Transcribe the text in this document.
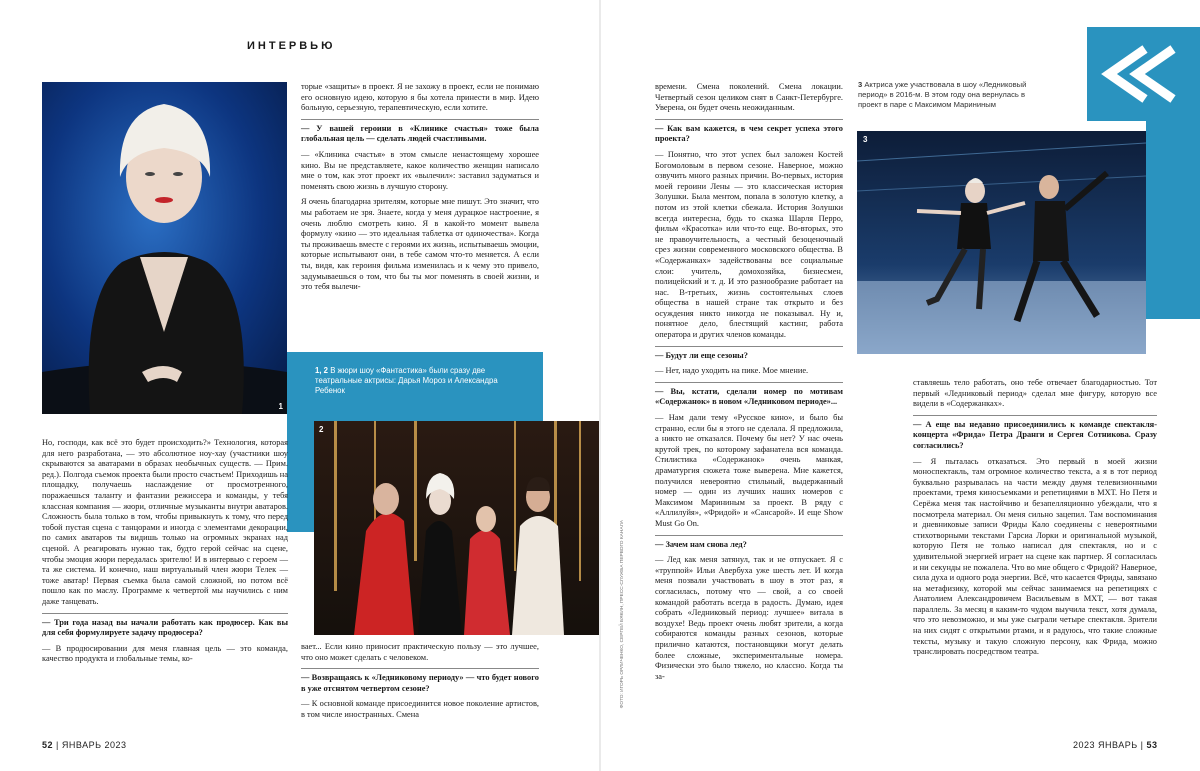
ИНТЕРВЬЮ
1

торые «защиты» в проект. Я не захожу в проект, если не понимаю его основную идею, которую я бы хотела принести в мир. Идею больную, серьезную, терапевтическую, если хотите.

— У вашей героини в «Клинике счастья» тоже была глобальная цель — сделать людей счастливыми.

— «Клиника счастья» в этом смысле ненастоящему хорошее кино. Вы не представляете, какое количество женщин написало мне о том, как этот проект их «вылечил»: заставил задуматься и поменять свою жизнь в лучшую сторону.

Я очень благодарна зрителям, которые мне пишут. Это значит, что мы работаем не зря. Знаете, когда у меня дурацкое настроение, я очень люблю смотреть кино. Я в какой-то момент вывела формулу «кино — это идеальная таблетка от одиночества». Когда ты проживаешь вместе с героями их жизнь, испытываешь эмоции, которые испытывают они, в тебе самом что-то меняется. А если ты, видя, как героиня фильма изменилась и к чему это привело, задумываешься о том, что бы ты мог поменять в своей жизни, и это тебя вылечи-

1, 2 В жюри шоу «Фантастика» были сразу две театральные актрисы: Дарья Мороз и Александра Ребенок
2

Но, господи, как всё это будет происходить?» Технология, которая для него разработана, — это абсолютное ноу-хау (участники шоу скрываются за аватарами в образах необычных существ. — Прим. ред.). Полгода съемок проекта были просто счастьем! Приходишь на площадку, получаешь наслаждение от просмотренного, поражаешься таланту и фантазии режиссера и команды, у тебя классная компания — жюри, отличные музыканты внутри аватаров. Сложность была только в том, чтобы привыкнуть к тому, что перед тобой пустая сцена с танцорами и иногда с элементами декорации, по самих аватаров ты видишь только на огромных экранах над сценой. А реагировать нужно так, будто герой сейчас на сцене, чтобы эмоция жюри передалась зрителю! И в интервью с героем — та же система. И конечно, наш виртуальный член жюри Телек — тоже аватар! Первая съемка была самой сложной, но потом всё пошло как по маслу. Программе к четвертой мы научились с ним даже танцевать.

— Три года назад вы начали работать как продюсер. Как вы для себя формулируете задачу продюсера?

— В продюсировании для меня главная цель — это команда, качество продукта и глобальные темы, ко-

вает... Если кино приносит практическую пользу — это лучшее, что оно может сделать с человеком.

— Возвращаясь к «Ледниковому периоду» — что будет нового в уже отснятом четвертом сезоне?

— К основной команде присоединится новое поколение артистов, в том числе иностранных. Смена

52 | ЯНВАРЬ 2023

времени. Смена поколений. Смена локации. Четвертый сезон целиком снят в Санкт-Петербурге. Уверена, он будет очень неожиданным.

— Как вам кажется, в чем секрет успеха этого проекта?

— Понятно, что этот успех был заложен Костей Богомоловым в первом сезоне. Наверное, можно озвучить много разных причин. Во-первых, история моей героини Лены — это классическая история Золушки. Была ментом, попала в золотую клетку, а потом из этой клетки сбежала. История Золушки всегда интересна, будь то сказка Шарля Перро, фильм «Красотка» или что-то еще. Во-вторых, это не правоучительность, а честный безоценочный срез жизни современного московского общества. В «Содержанках» задействованы все социальные слои: учитель, домохозяйка, бизнесмен, полицейский и т. д. И это разнообразие работает на нас. В-третьих, жизнь состоятельных слоев общества в нашей стране так открыто и без осуждения никто никогда не показывал. Ну и, понятное дело, блестящий кастинг, работа оператора и других членов команды.

— Будут ли еще сезоны?

— Нет, надо уходить на пике. Мое мнение.

— Вы, кстати, сделали номер по мотивам «Содержанок» в новом «Ледниковом периоде»...

— Нам дали тему «Русское кино», и было бы странно, если бы я этого не сделала. Я предложила, а никто не отказался. Почему бы нет? У нас очень крутой трек, по которому зафанатела вся команда. Стилистика «Содержанок» очень манкая, драматургия сюжета тоже выверена. Мне кажется, получился невероятно стильный, выдержанный номер — один из лучших наших номеров с Максимом Марининым за проект. В ряду с «Аллилуйя», «Фридой» и «Сансарой». И еще Show Must Go On.

— Зачем нам снова лед?

— Лед как меня затянул, так и не отпускает. Я с «труппой» Ильи Авербуха уже шесть лет. И когда меня позвали участвовать в шоу в этот раз, я согласилась, потому что — свой, а со своей командой работать всегда в радость. Думаю, идея собрать «Ледниковый период: лучшее» витала в воздухе! Ведь проект очень любят зрители, а когда собираются команды разных сезонов, которые прилично катаются, постановщики могут делать более сложные, экспериментальные номера. Физически это было тяжело, но классно. Когда ты за-

3 Актриса уже участвовала в шоу «Ледниковый период» в 2016-м. В этом году она вернулась в проект в паре с Максимом Марининым
3
ФОТО: ИГОРЬ ОРЛИЧЕНКО, СЕРГЕЙ БЯКИН, ПРЕСС-СЛУЖБА ПЕРВОГО КАНАЛА

ставляешь тело работать, оно тебе отвечает благодарностью. Тот первый «Ледниковый период» сделал мне фигуру, которую все видели в «Содержанках».

— А еще вы недавно присоединились к команде спектакля-концерта «Фрида» Петра Дранги и Сергея Сотникова. Сразу согласились?

— Я пыталась отказаться. Это первый в моей жизни моноспектакль, там огромное количество текста, а я в тот период буквально разрывалась на части между двумя телевизионными проектами, тремя киносъемками и репетициями в МХТ. Но Петя и Серёжа меня так настойчиво и безапелляционно убеждали, что я посмотрела материал. Он меня сильно зацепил. Там воспоминания и дневниковые записи Фриды Кало соединены с невероятными стихотворными текстами Гарсиа Лорки и оригинальной музыкой, которую Петя не только написал для спектакля, но и с удивительной энергией играет на сцене как партнер. Я согласилась и ни секунды не пожалела. Что во мне общего с Фридой? Наверное, сила духа и одного рода энергии. Всё, что касается Фриды, завязано на метафизику, которой мы сейчас занимаемся на репетициях с Анатолием Александровичем Васильевым в МХТ, — вот такая параллель. За месяц я каким-то чудом выучила текст, хотя думала, что это невозможно, и мы уже сыграли четыре спектакля. Зрители на них сидят с открытыми ртами, и я радуюсь, что такие сложные тексты, музыку и такую сложную персону, как Фрида, можно транслировать посредством театра.

2023 ЯНВАРЬ | 53
